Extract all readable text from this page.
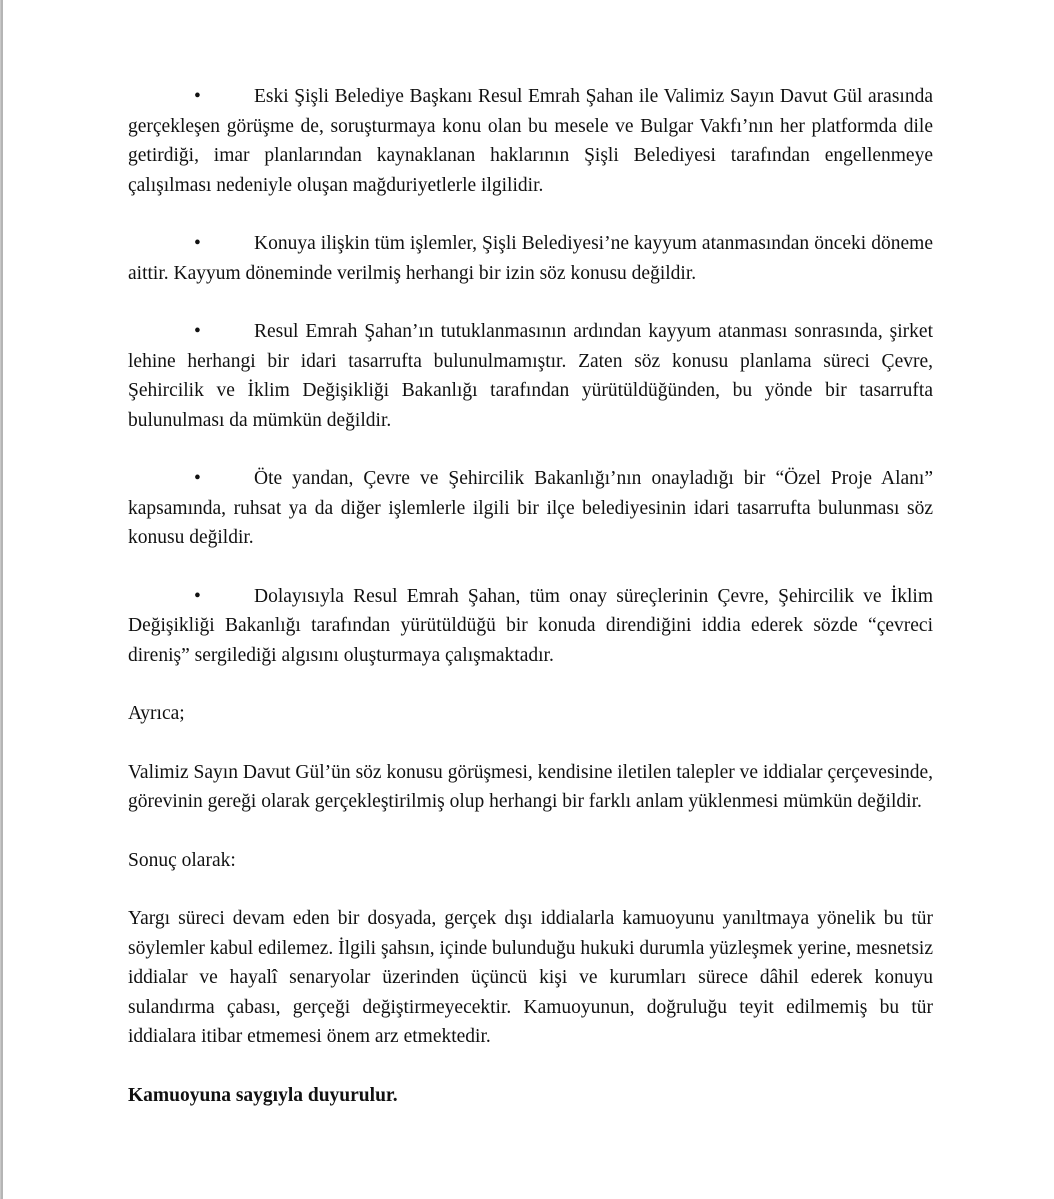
•	Eski Şişli Belediye Başkanı Resul Emrah Şahan ile Valimiz Sayın Davut Gül arasında gerçekleşen görüşme de, soruşturmaya konu olan bu mesele ve Bulgar Vakfı’nın her platformda dile getirdiği, imar planlarından kaynaklanan haklarının Şişli Belediyesi tarafından engellenmeye çalışılması nedeniyle oluşan mağduriyetlerle ilgilidir.

•	Konuya ilişkin tüm işlemler, Şişli Belediyesi’ne kayyum atanmasından önceki döneme aittir. Kayyum döneminde verilmiş herhangi bir izin söz konusu değildir.

•	Resul Emrah Şahan’ın tutuklanmasının ardından kayyum atanması sonrasında, şirket lehine herhangi bir idari tasarrufta bulunulmamıştır. Zaten söz konusu planlama süreci Çevre, Şehircilik ve İklim Değişikliği Bakanlığı tarafından yürütüldüğünden, bu yönde bir tasarrufta bulunulması da mümkün değildir.

•	Öte yandan, Çevre ve Şehircilik Bakanlığı’nın onayladığı bir “Özel Proje Alanı” kapsamında, ruhsat ya da diğer işlemlerle ilgili bir ilçe belediyesinin idari tasarrufta bulunması söz konusu değildir.

•	Dolayısıyla Resul Emrah Şahan, tüm onay süreçlerinin Çevre, Şehircilik ve İklim Değişikliği Bakanlığı tarafından yürütüldüğü bir konuda direndiğini iddia ederek sözde “çevreci direniş” sergilediği algısını oluşturmaya çalışmaktadır.

Ayrıca;

Valimiz Sayın Davut Gül’ün söz konusu görüşmesi, kendisine iletilen talepler ve iddialar çerçevesinde, görevinin gereği olarak gerçekleştirilmiş olup herhangi bir farklı anlam yüklenmesi mümkün değildir.

Sonuç olarak:

Yargı süreci devam eden bir dosyada, gerçek dışı iddialarla kamuoyunu yanıltmaya yönelik bu tür söylemler kabul edilemez. İlgili şahsın, içinde bulunduğu hukuki durumla yüzleşmek yerine, mesnetsiz iddialar ve hayalî senaryolar üzerinden üçüncü kişi ve kurumları sürece dâhil ederek konuyu sulandırma çabası, gerçeği değiştirmeyecektir. Kamuoyunun, doğruluğu teyit edilmemiş bu tür iddialara itibar etmemesi önem arz etmektedir.

Kamuoyuna saygıyla duyurulur.
